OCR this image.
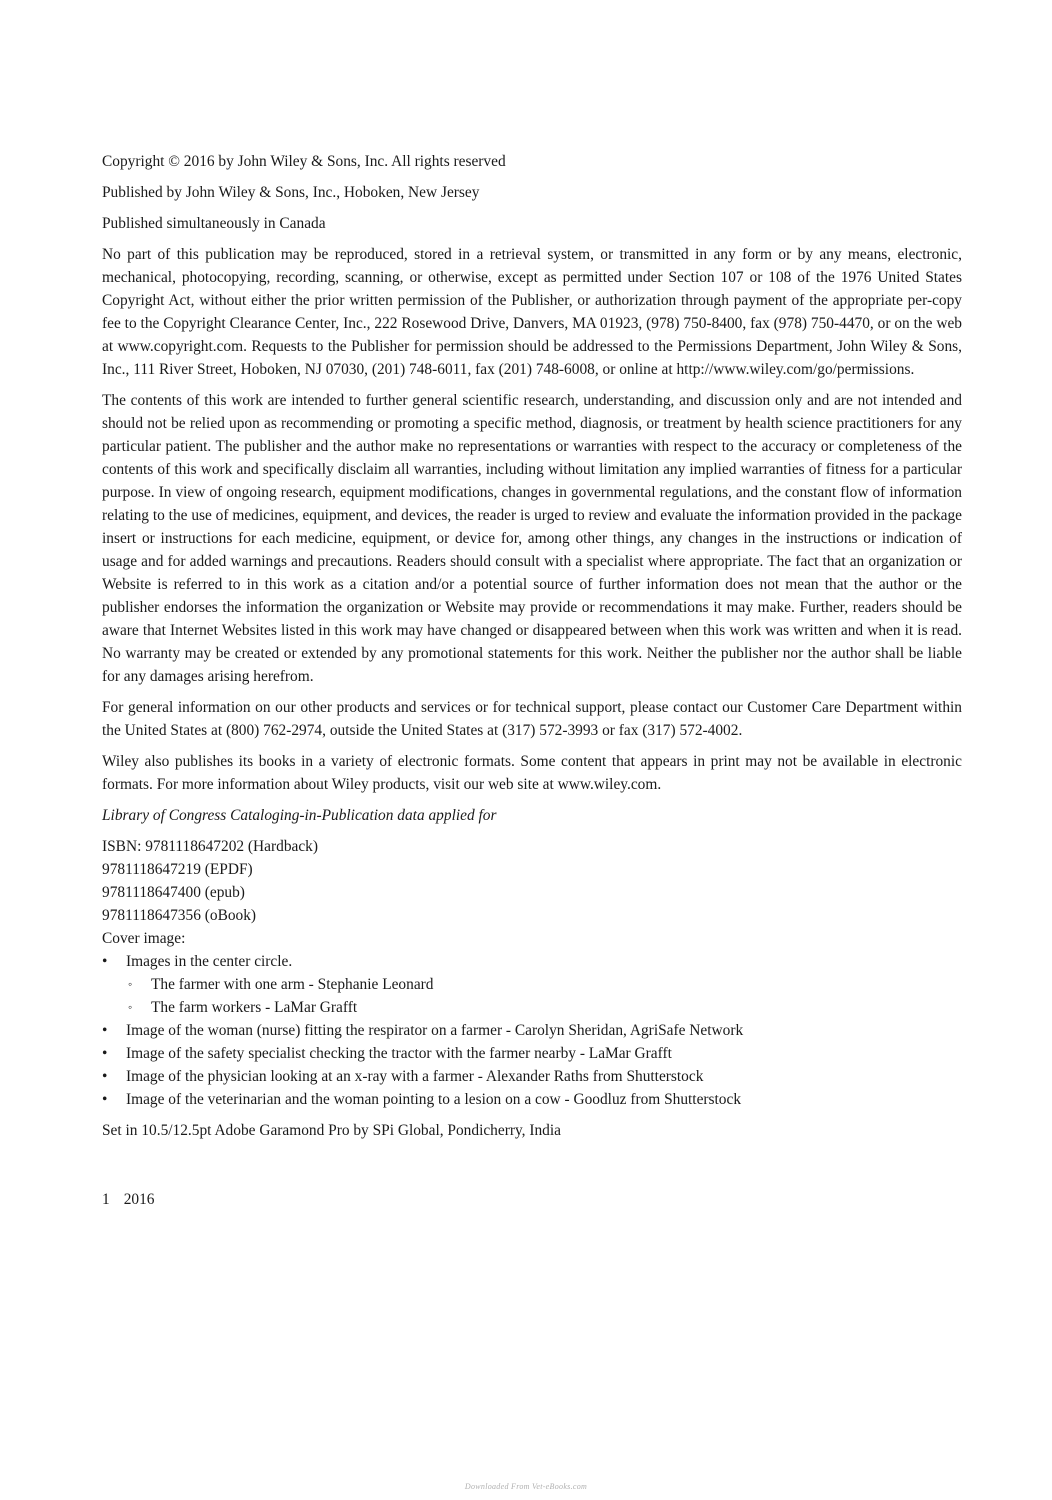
Copyright © 2016 by John Wiley & Sons, Inc. All rights reserved

Published by John Wiley & Sons, Inc., Hoboken, New Jersey

Published simultaneously in Canada

No part of this publication may be reproduced, stored in a retrieval system, or transmitted in any form or by any means, electronic, mechanical, photocopying, recording, scanning, or otherwise, except as permitted under Section 107 or 108 of the 1976 United States Copyright Act, without either the prior written permission of the Publisher, or authorization through payment of the appropriate per-copy fee to the Copyright Clearance Center, Inc., 222 Rosewood Drive, Danvers, MA 01923, (978) 750-8400, fax (978) 750-4470, or on the web at www.copyright.com. Requests to the Publisher for permission should be addressed to the Permissions Department, John Wiley & Sons, Inc., 111 River Street, Hoboken, NJ 07030, (201) 748-6011, fax (201) 748-6008, or online at http://www.wiley.com/go/permissions.

The contents of this work are intended to further general scientific research, understanding, and discussion only and are not intended and should not be relied upon as recommending or promoting a specific method, diagnosis, or treatment by health science practitioners for any particular patient. The publisher and the author make no representations or warranties with respect to the accuracy or completeness of the contents of this work and specifically disclaim all warranties, including without limitation any implied warranties of fitness for a particular purpose. In view of ongoing research, equipment modifications, changes in governmental regulations, and the constant flow of information relating to the use of medicines, equipment, and devices, the reader is urged to review and evaluate the information provided in the package insert or instructions for each medicine, equipment, or device for, among other things, any changes in the instructions or indication of usage and for added warnings and precautions. Readers should consult with a specialist where appropriate. The fact that an organization or Website is referred to in this work as a citation and/or a potential source of further information does not mean that the author or the publisher endorses the information the organization or Website may provide or recommendations it may make. Further, readers should be aware that Internet Websites listed in this work may have changed or disappeared between when this work was written and when it is read. No warranty may be created or extended by any promotional statements for this work. Neither the publisher nor the author shall be liable for any damages arising herefrom.

For general information on our other products and services or for technical support, please contact our Customer Care Department within the United States at (800) 762-2974, outside the United States at (317) 572-3993 or fax (317) 572-4002.

Wiley also publishes its books in a variety of electronic formats. Some content that appears in print may not be available in electronic formats. For more information about Wiley products, visit our web site at www.wiley.com.

Library of Congress Cataloging-in-Publication data applied for

ISBN: 9781118647202 (Hardback)
9781118647219 (EPDF)
9781118647400 (epub)
9781118647356 (oBook)
Cover image:
• Images in the center circle.
◦ The farmer with one arm - Stephanie Leonard
◦ The farm workers - LaMar Grafft
• Image of the woman (nurse) fitting the respirator on a farmer - Carolyn Sheridan, AgriSafe Network
• Image of the safety specialist checking the tractor with the farmer nearby - LaMar Grafft
• Image of the physician looking at an x-ray with a farmer - Alexander Raths from Shutterstock
• Image of the veterinarian and the woman pointing to a lesion on a cow - Goodluz from Shutterstock

Set in 10.5/12.5pt Adobe Garamond Pro by SPi Global, Pondicherry, India

1 2016
Downloaded From Vet-eBooks.com
